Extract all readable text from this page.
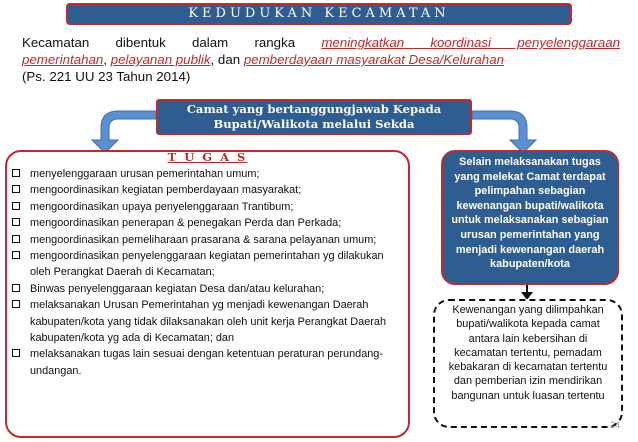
KEDUDUKAN KECAMATAN
Kecamatan dibentuk dalam rangka meningkatkan koordinasi penyelenggaraan
pemerintahan, pelayanan publik, dan pemberdayaan masyarakat Desa/Kelurahan
(Ps. 221 UU 23 Tahun 2014)
Camat yang bertanggungjawab Kepada
Bupati/Walikota melalui Sekda
T U G A S
menyelenggaraan urusan pemerintahan umum;
mengoordinasikan kegiatan pemberdayaan masyarakat;
mengoordinasikan upaya penyelenggaraan Trantibum;
mengoordinasikan penerapan & penegakan Perda dan Perkada;
mengoordinasikan pemeliharaan prasarana & sarana pelayanan umum;
mengoordinasikan penyelenggaraan kegiatan pemerintahan yg dilakukan oleh Perangkat Daerah di Kecamatan;
Binwas penyelenggaraan kegiatan Desa dan/atau kelurahan;
melaksanakan Urusan Pemerintahan yg menjadi kewenangan Daerah kabupaten/kota yang tidak dilaksanakan oleh unit kerja Perangkat Daerah kabupaten/kota yg ada di Kecamatan; dan
melaksanakan tugas lain sesuai dengan ketentuan peraturan perundang-undangan.
Selain melaksanakan tugas yang melekat Camat terdapat pelimpahan sebagian kewenangan bupati/walikota untuk melaksanakan sebagian urusan pemerintahan yang menjadi kewenangan daerah kabupaten/kota
Kewenangan yang dilimpahkan bupati/walikota kepada camat antara lain kebersihan di kecamatan tertentu, pemadam kebakaran di kecamatan tertentu dan pemberian izin mendirikan bangunan untuk luasan tertentu
24
